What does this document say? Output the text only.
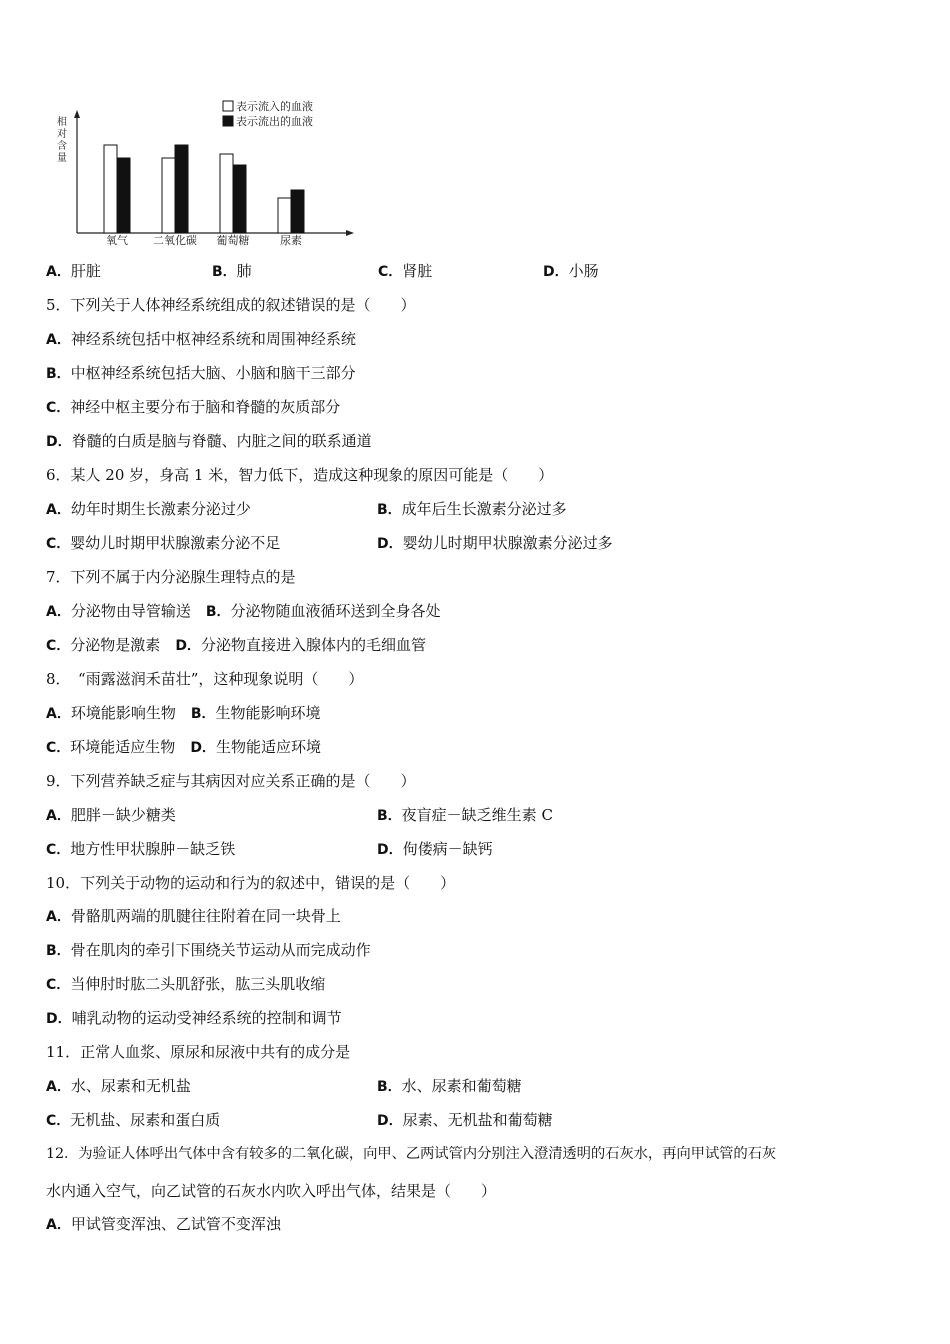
相
对
含
量
氧气 二氧化碳 葡萄糖	尿素
表示流入的血液
表示流出的血液
A．肝脏	B．肺	C．肾脏	D．小肠
5．下列关于人体神经系统组成的叙述错误的是（　　）
A．神经系统包括中枢神经系统和周围神经系统
B．中枢神经系统包括大脑、小脑和脑干三部分
C．神经中枢主要分布于脑和脊髓的灰质部分
D．脊髓的白质是脑与脊髓、内脏之间的联系通道
6．某人 20 岁，身高 1 米，智力低下，造成这种现象的原因可能是（　　）
A．幼年时期生长激素分泌过少	B．成年后生长激素分泌过多
C．婴幼儿时期甲状腺激素分泌不足	D．婴幼儿时期甲状腺激素分泌过多
7．下列不属于内分泌腺生理特点的是
A．分泌物由导管输送　 B．分泌物随血液循环送到全身各处
C．分泌物是激素　 D．分泌物直接进入腺体内的毛细血管
8．　“雨露滋润禾苗壮”，这种现象说明（　　）
A．环境能影响生物　 B．生物能影响环境
C．环境能适应生物　 D．生物能适应环境
9．下列营养缺乏症与其病因对应关系正确的是（　　）
A．肥胖－缺少糖类	B．夜盲症－缺乏维生素 C
C．地方性甲状腺肿－缺乏铁	D．佝偻病－缺钙
10．下列关于动物的运动和行为的叙述中，错误的是（　　）
A．骨骼肌两端的肌腱往往附着在同一块骨上
B．骨在肌肉的牵引下围绕关节运动从而完成动作
C．当伸肘时肱二头肌舒张，肱三头肌收缩
D．哺乳动物的运动受神经系统的控制和调节
11．正常人血浆、原尿和尿液中共有的成分是
A．水、尿素和无机盐	B．水、尿素和葡萄糖
C．无机盐、尿素和蛋白质	D．尿素、无机盐和葡萄糖
12．为验证人体呼出气体中含有较多的二氧化碳，向甲、乙两试管内分别注入澄清透明的石灰水，再向甲试管的石灰
水内通入空气，向乙试管的石灰水内吹入呼出气体，结果是（　　）
A．甲试管变浑浊、乙试管不变浑浊
